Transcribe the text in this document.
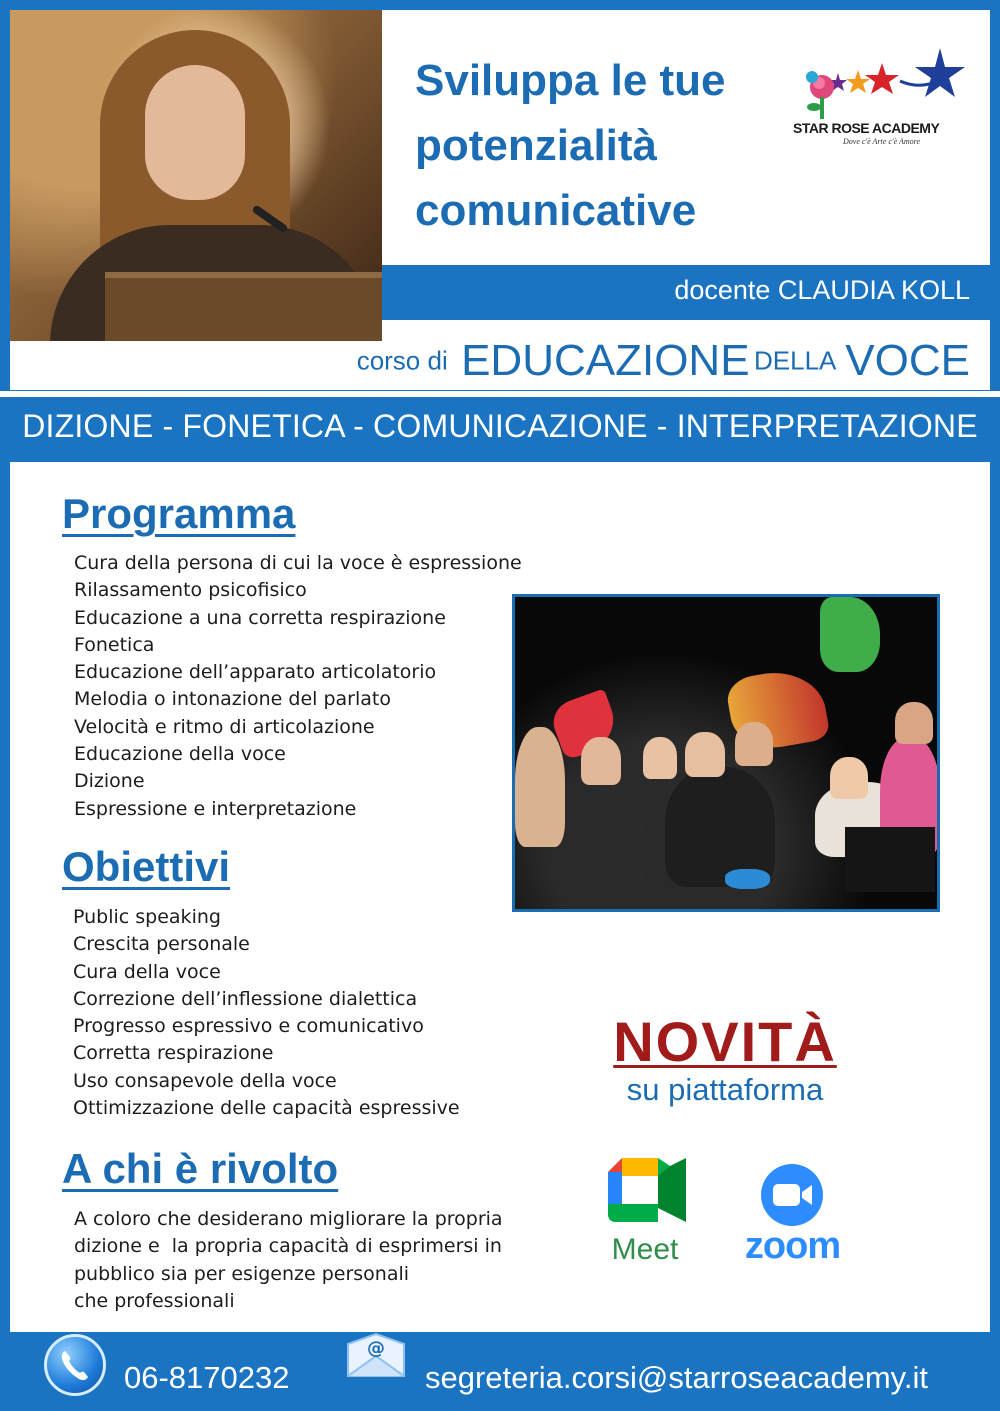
Sviluppa le tue
potenzialità
comunicative
STAR ROSE ACADEMY
Dove c'è Arte c'è Amore
docente CLAUDIA KOLL
corso di EDUCAZIONE DELLA VOCE
DIZIONE - FONETICA - COMUNICAZIONE - INTERPRETAZIONE
Programma
Cura della persona di cui la voce è espressione
Rilassamento psicofisico
Educazione a una corretta respirazione
Fonetica
Educazione dell’apparato articolatorio
Melodia o intonazione del parlato
Velocità e ritmo di articolazione
Educazione della voce
Dizione
Espressione e interpretazione
Obiettivi
Public speaking
Crescita personale
Cura della voce
Correzione dell’inflessione dialettica
Progresso espressivo e comunicativo
Corretta respirazione
Uso consapevole della voce
Ottimizzazione delle capacità espressive
A chi è rivolto
A coloro che desiderano migliorare la propria
dizione e  la propria capacità di esprimersi in
pubblico sia per esigenze personali
che professionali
NOVITÀ
su piattaforma
Meet	zoom
06-8170232
@
segreteria.corsi@starroseacademy.it
